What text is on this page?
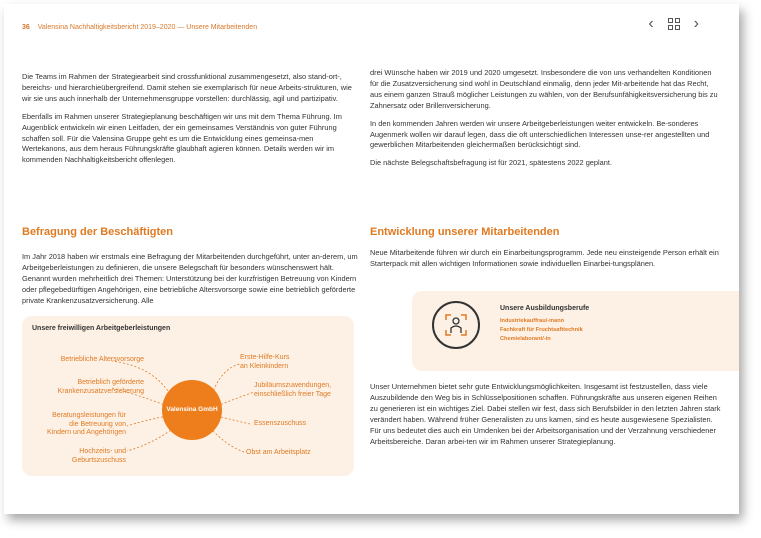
36 Valensina Nachhaltigkeitsbericht 2019–2020 — Unsere Mitarbeitenden	‹	›

Die Teams im Rahmen der Strategiearbeit sind crossfunktional zusammengesetzt, also stand-ort-, bereichs- und hierarchieübergreifend. Damit stehen sie exemplarisch für neue Arbeits-strukturen, wie wir sie uns auch innerhalb der Unternehmensgruppe vorstellen: durchlässig, agil und partizipativ.

Ebenfalls im Rahmen unserer Strategieplanung beschäftigen wir uns mit dem Thema Führung. Im Augenblick entwickeln wir einen Leitfaden, der ein gemeinsames Verständnis von guter Führung schaffen soll. Für die Valensina Gruppe geht es um die Entwicklung eines gemeinsa-men Wertekanons, aus dem heraus Führungskräfte glaubhaft agieren können. Details werden wir im kommenden Nachhaltigkeitsbericht offenlegen.

Befragung der Beschäftigten

Im Jahr 2018 haben wir erstmals eine Befragung der Mitarbeitenden durchgeführt, unter an-derem, um Arbeitgeberleistungen zu definieren, die unsere Belegschaft für besonders wünschenswert hält. Genannt wurden mehrheitlich drei Themen: Unterstützung bei der kurzfristigen Betreuung von Kindern oder pflegebedürftigen Angehörigen, eine betriebliche Altersvorsorge sowie eine betrieblich geförderte private Krankenzusatzversicherung. Alle

Unsere freiwilligen Arbeitgeberleistungen
Valensina GmbH
Betriebliche Altersvorsorge
Betrieblich geförderte
Krankenzusatzversicherung
Beratungsleistungen für
die Betreuung von
Kindern und Angehörigen
Hochzeits- und
Geburtszuschuss
Erste-Hilfe-Kurs
an Kleinkindern
Jubiläumszuwendungen,
einschließlich freier Tage
Essenszuschuss
Obst am Arbeitsplatz

drei Wünsche haben wir 2019 und 2020 umgesetzt. Insbesondere die von uns verhandelten Konditionen für die Zusatzversicherung sind wohl in Deutschland einmalig, denn jeder Mit-arbeitende hat das Recht, aus einem ganzen Strauß möglicher Leistungen zu wählen, von der Berufsunfähigkeitsversicherung bis zu Zahnersatz oder Brillenversicherung.

In den kommenden Jahren werden wir unsere Arbeitgeberleistungen weiter entwickeln. Be-sonderes Augenmerk wollen wir darauf legen, dass die oft unterschiedlichen Interessen unse-rer angestellten und gewerblichen Mitarbeitenden gleichermaßen berücksichtigt sind.

Die nächste Belegschaftsbefragung ist für 2021, spätestens 2022 geplant.

Entwicklung unserer Mitarbeitenden

Neue Mitarbeitende führen wir durch ein Einarbeitungsprogramm. Jede neu einsteigende Person erhält ein Starterpack mit allen wichtigen Informationen sowie individuellen Einarbei-tungsplänen.

Unsere Ausbildungsberufe
Industriekauffrau/-mann
Fachkraft für Fruchtsafttechnik
Chemielaborant/-in

Unser Unternehmen bietet sehr gute Entwicklungsmöglichkeiten. Insgesamt ist festzustellen, dass viele Auszubildende den Weg bis in Schlüsselpositionen schaffen. Führungskräfte aus unseren eigenen Reihen zu generieren ist ein wichtiges Ziel. Dabei stellen wir fest, dass sich Berufsbilder in den letzten Jahren stark verändert haben. Während früher Generalisten zu uns kamen, sind es heute ausgewiesene Spezialisten. Für uns bedeutet dies auch ein Umdenken bei der Arbeitsorganisation und der Verzahnung verschiedener Arbeitsbereiche. Daran arbei-ten wir im Rahmen unserer Strategieplanung.
